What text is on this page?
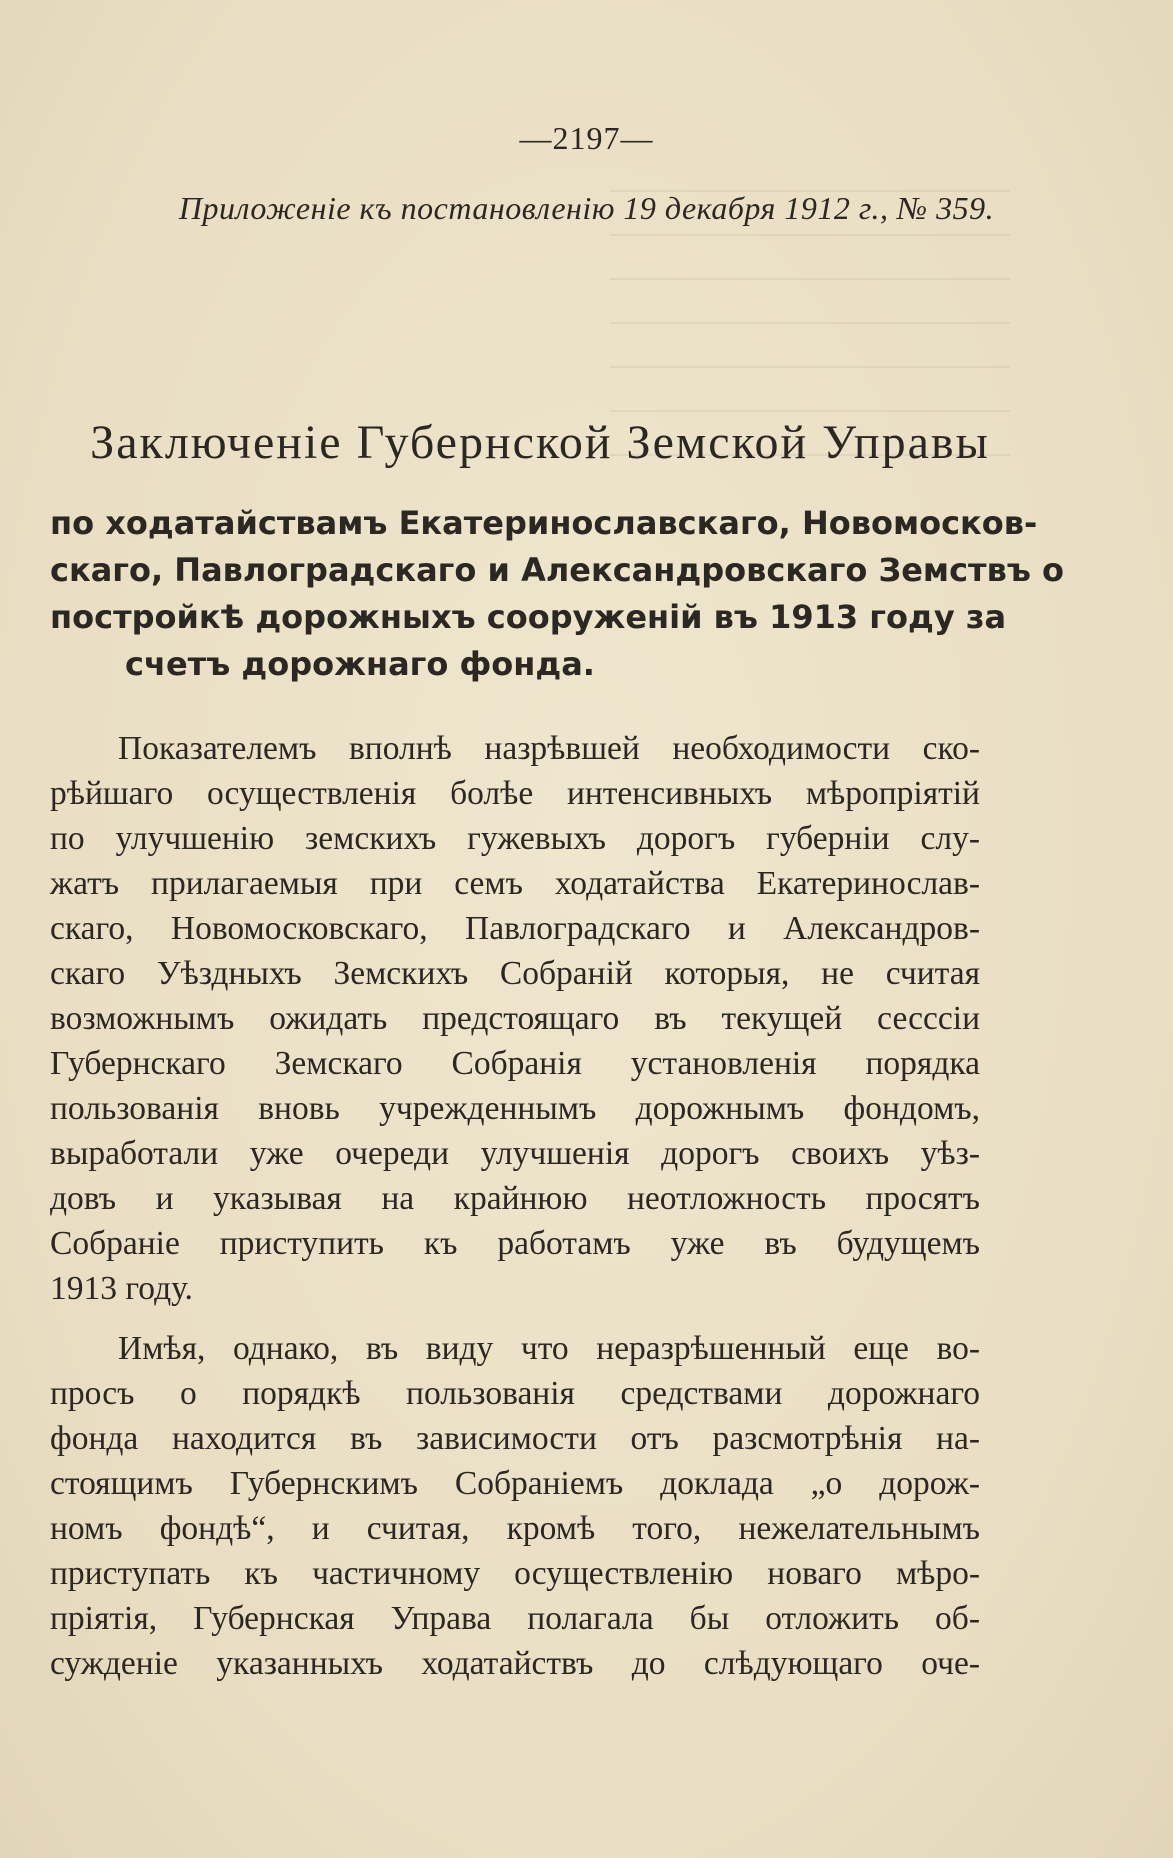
—2197—
Приложеніе къ постановленію 19 декабря 1912 г., № 359.
Заключеніе Губернской Земской Управы
по ходатайствамъ Екатеринославскаго, Новомосков-
скаго, Павлоградскаго и Александровскаго Земствъ о
постройкѣ дорожныхъ сооруженій въ 1913 году за
счетъ дорожнаго фонда.
Показателемъ вполнѣ назрѣвшей необходимости ско-
рѣйшаго осуществленія болѣе интенсивныхъ мѣропріятій
по улучшенію земскихъ гужевыхъ дорогъ губерніи слу-
жатъ прилагаемыя при семъ ходатайства Екатеринослав-
скаго, Новомосковскаго, Павлоградскаго и Александров-
скаго Уѣздныхъ Земскихъ Собраній которыя, не считая
возможнымъ ожидать предстоящаго въ текущей сесссіи
Губернскаго Земскаго Собранія установленія порядка
пользованія вновь учрежденнымъ дорожнымъ фондомъ,
выработали уже очереди улучшенія дорогъ своихъ уѣз-
довъ и указывая на крайнюю неотложность просятъ
Собраніе приступить къ работамъ уже въ будущемъ
1913 году.
Имѣя, однако, въ виду что неразрѣшенный еще во-
просъ о порядкѣ пользованія средствами дорожнаго
фонда находится въ зависимости отъ разсмотрѣнія на-
стоящимъ Губернскимъ Собраніемъ доклада „о дорож-
номъ фондѣ“, и считая, кромѣ того, нежелательнымъ
приступать къ частичному осуществленію новаго мѣро-
пріятія, Губернская Управа полагала бы отложить об-
сужденіе указанныхъ ходатайствъ до слѣдующаго оче-
